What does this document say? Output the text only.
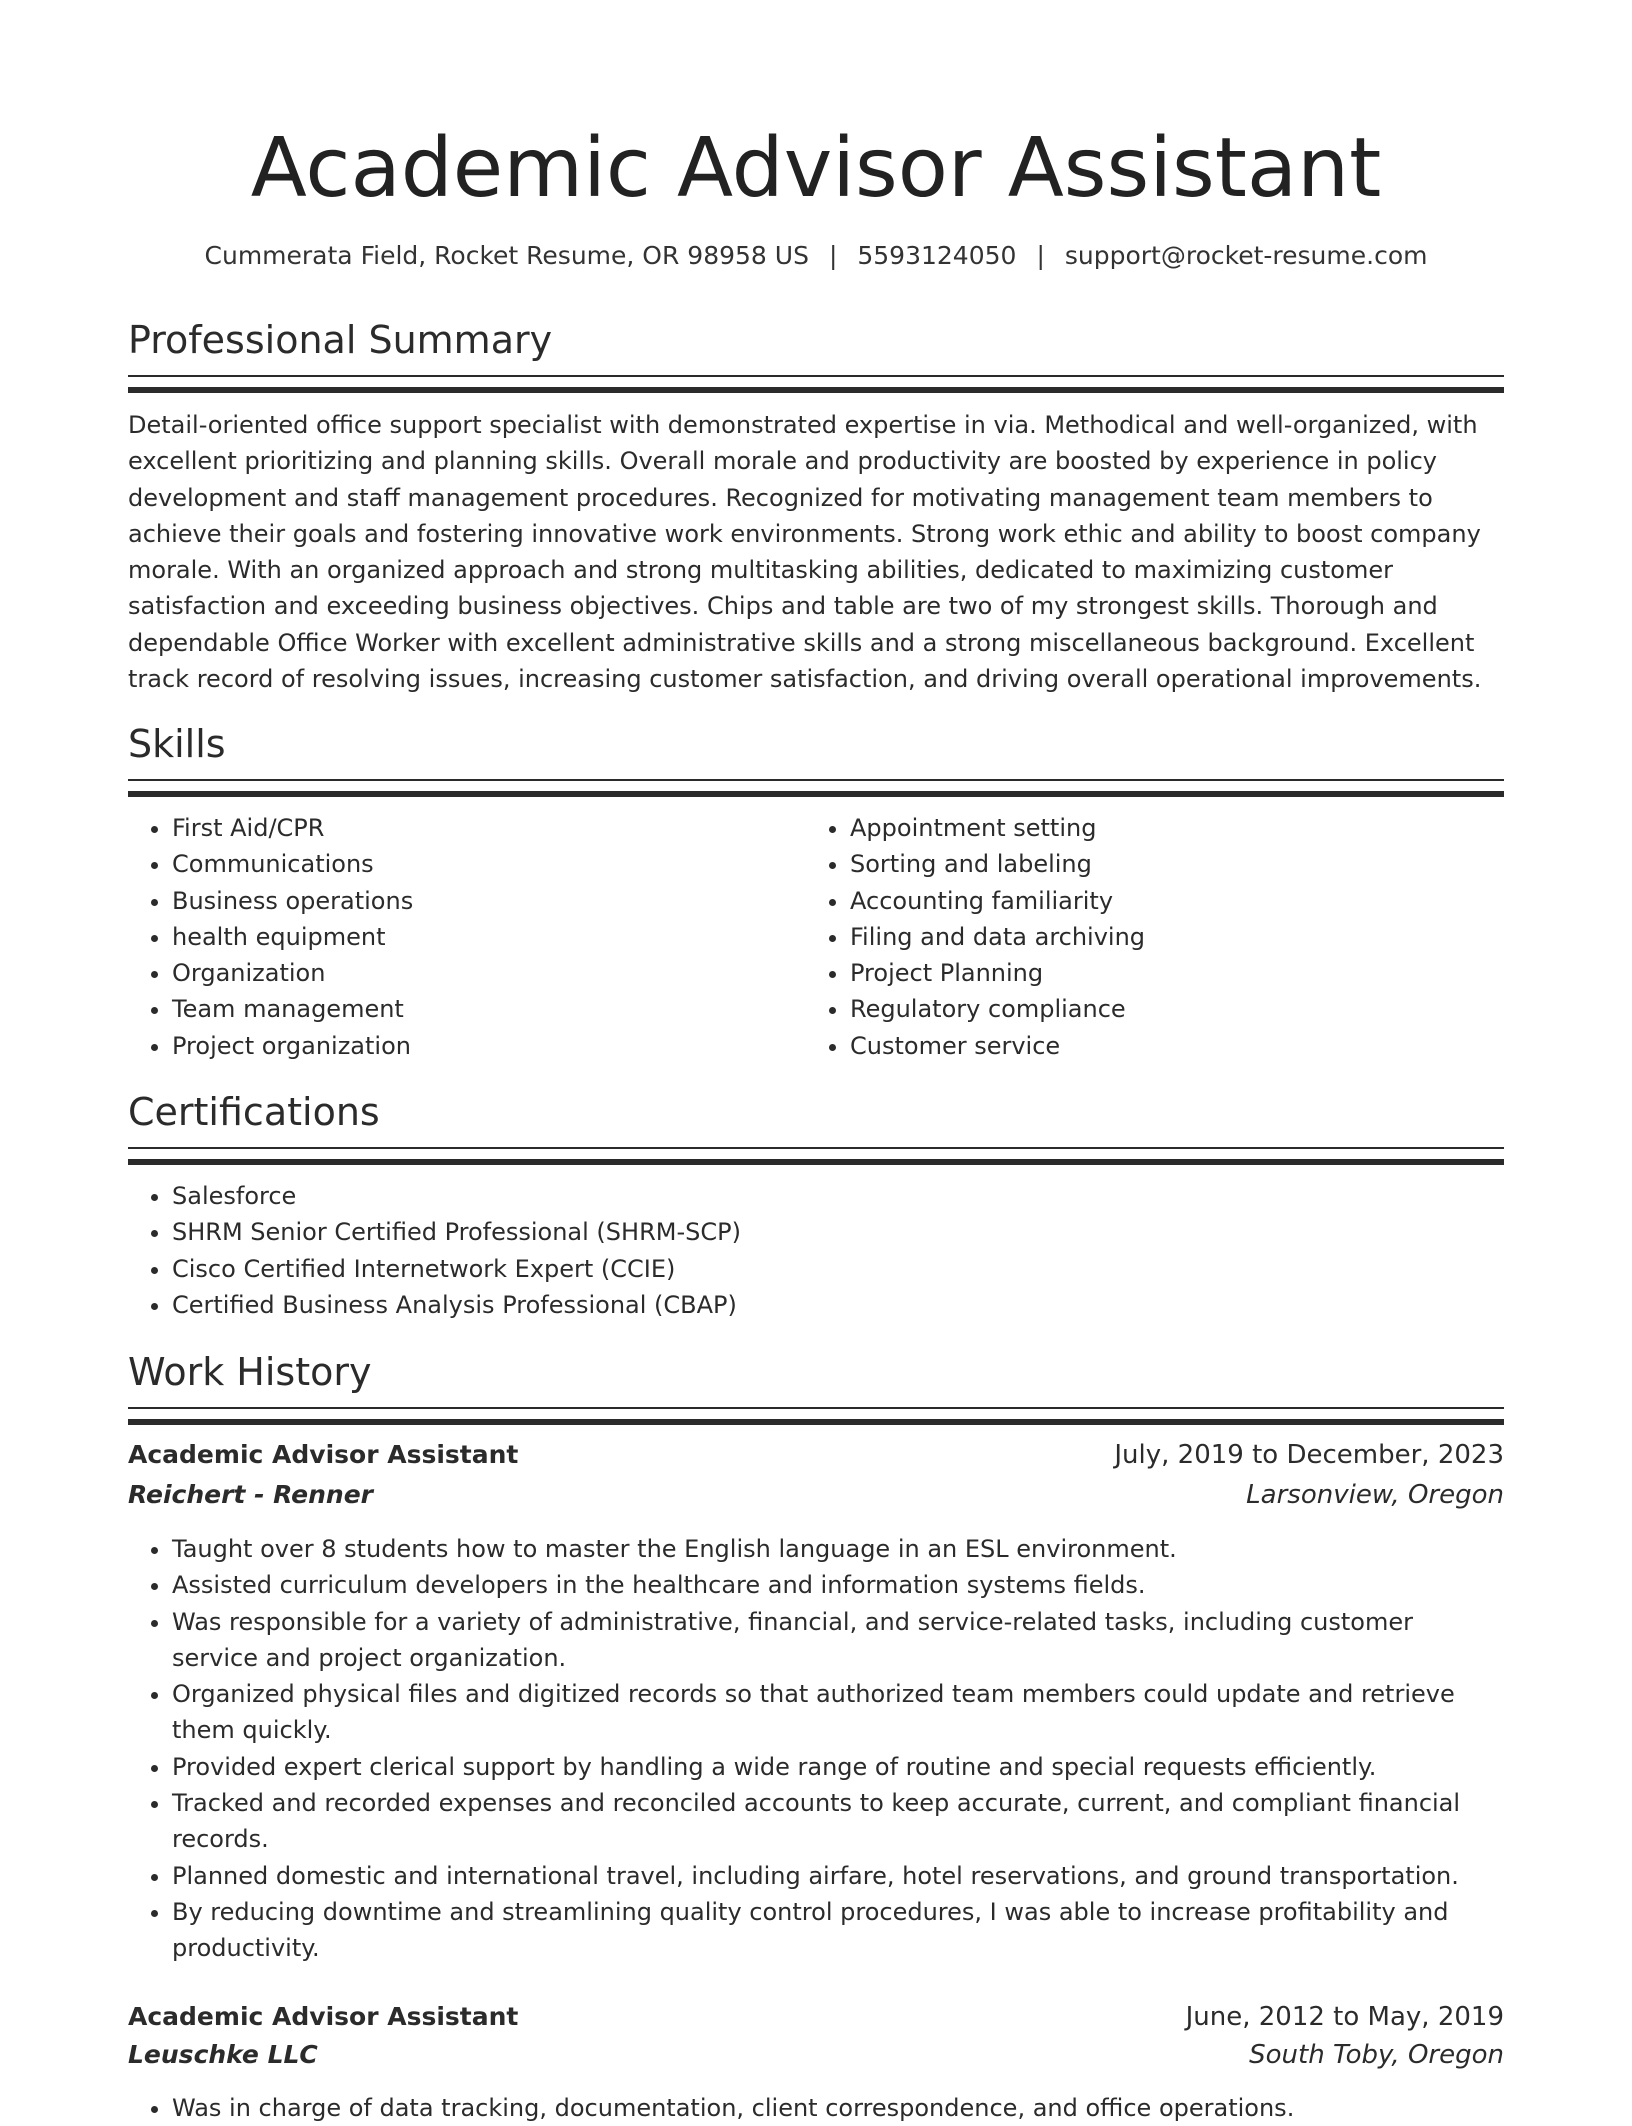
Academic Advisor Assistant
Cummerata Field, Rocket Resume, OR 98958 US | 5593124050 | support@rocket-resume.com
Professional Summary

Detail-oriented office support specialist with demonstrated expertise in via. Methodical and well-organized, with excellent prioritizing and planning skills. Overall morale and productivity are boosted by experience in policy development and staff management procedures. Recognized for motivating management team members to achieve their goals and fostering innovative work environments. Strong work ethic and ability to boost company morale. With an organized approach and strong multitasking abilities, dedicated to maximizing customer satisfaction and exceeding business objectives. Chips and table are two of my strongest skills. Thorough and dependable Office Worker with excellent administrative skills and a strong miscellaneous background. Excellent track record of resolving issues, increasing customer satisfaction, and driving overall operational improvements.

Skills
• First Aid/CPR
• Communications
• Business operations
• health equipment
• Organization
• Team management
• Project organization
• Appointment setting
• Sorting and labeling
• Accounting familiarity
• Filing and data archiving
• Project Planning
• Regulatory compliance
• Customer service
Certifications
• Salesforce
• SHRM Senior Certified Professional (SHRM-SCP)
• Cisco Certified Internetwork Expert (CCIE)
• Certified Business Analysis Professional (CBAP)
Work History
Academic Advisor Assistant	July, 2019 to December, 2023
Reichert - Renner	Larsonview, Oregon
• Taught over 8 students how to master the English language in an ESL environment.
• Assisted curriculum developers in the healthcare and information systems fields.
• Was responsible for a variety of administrative, financial, and service-related tasks, including customer service and project organization.
• Organized physical files and digitized records so that authorized team members could update and retrieve them quickly.
• Provided expert clerical support by handling a wide range of routine and special requests efficiently.
• Tracked and recorded expenses and reconciled accounts to keep accurate, current, and compliant financial records.
• Planned domestic and international travel, including airfare, hotel reservations, and ground transportation.
• By reducing downtime and streamlining quality control procedures, I was able to increase profitability and productivity.
Academic Advisor Assistant	June, 2012 to May, 2019
Leuschke LLC	South Toby, Oregon
• Was in charge of data tracking, documentation, client correspondence, and office operations.
